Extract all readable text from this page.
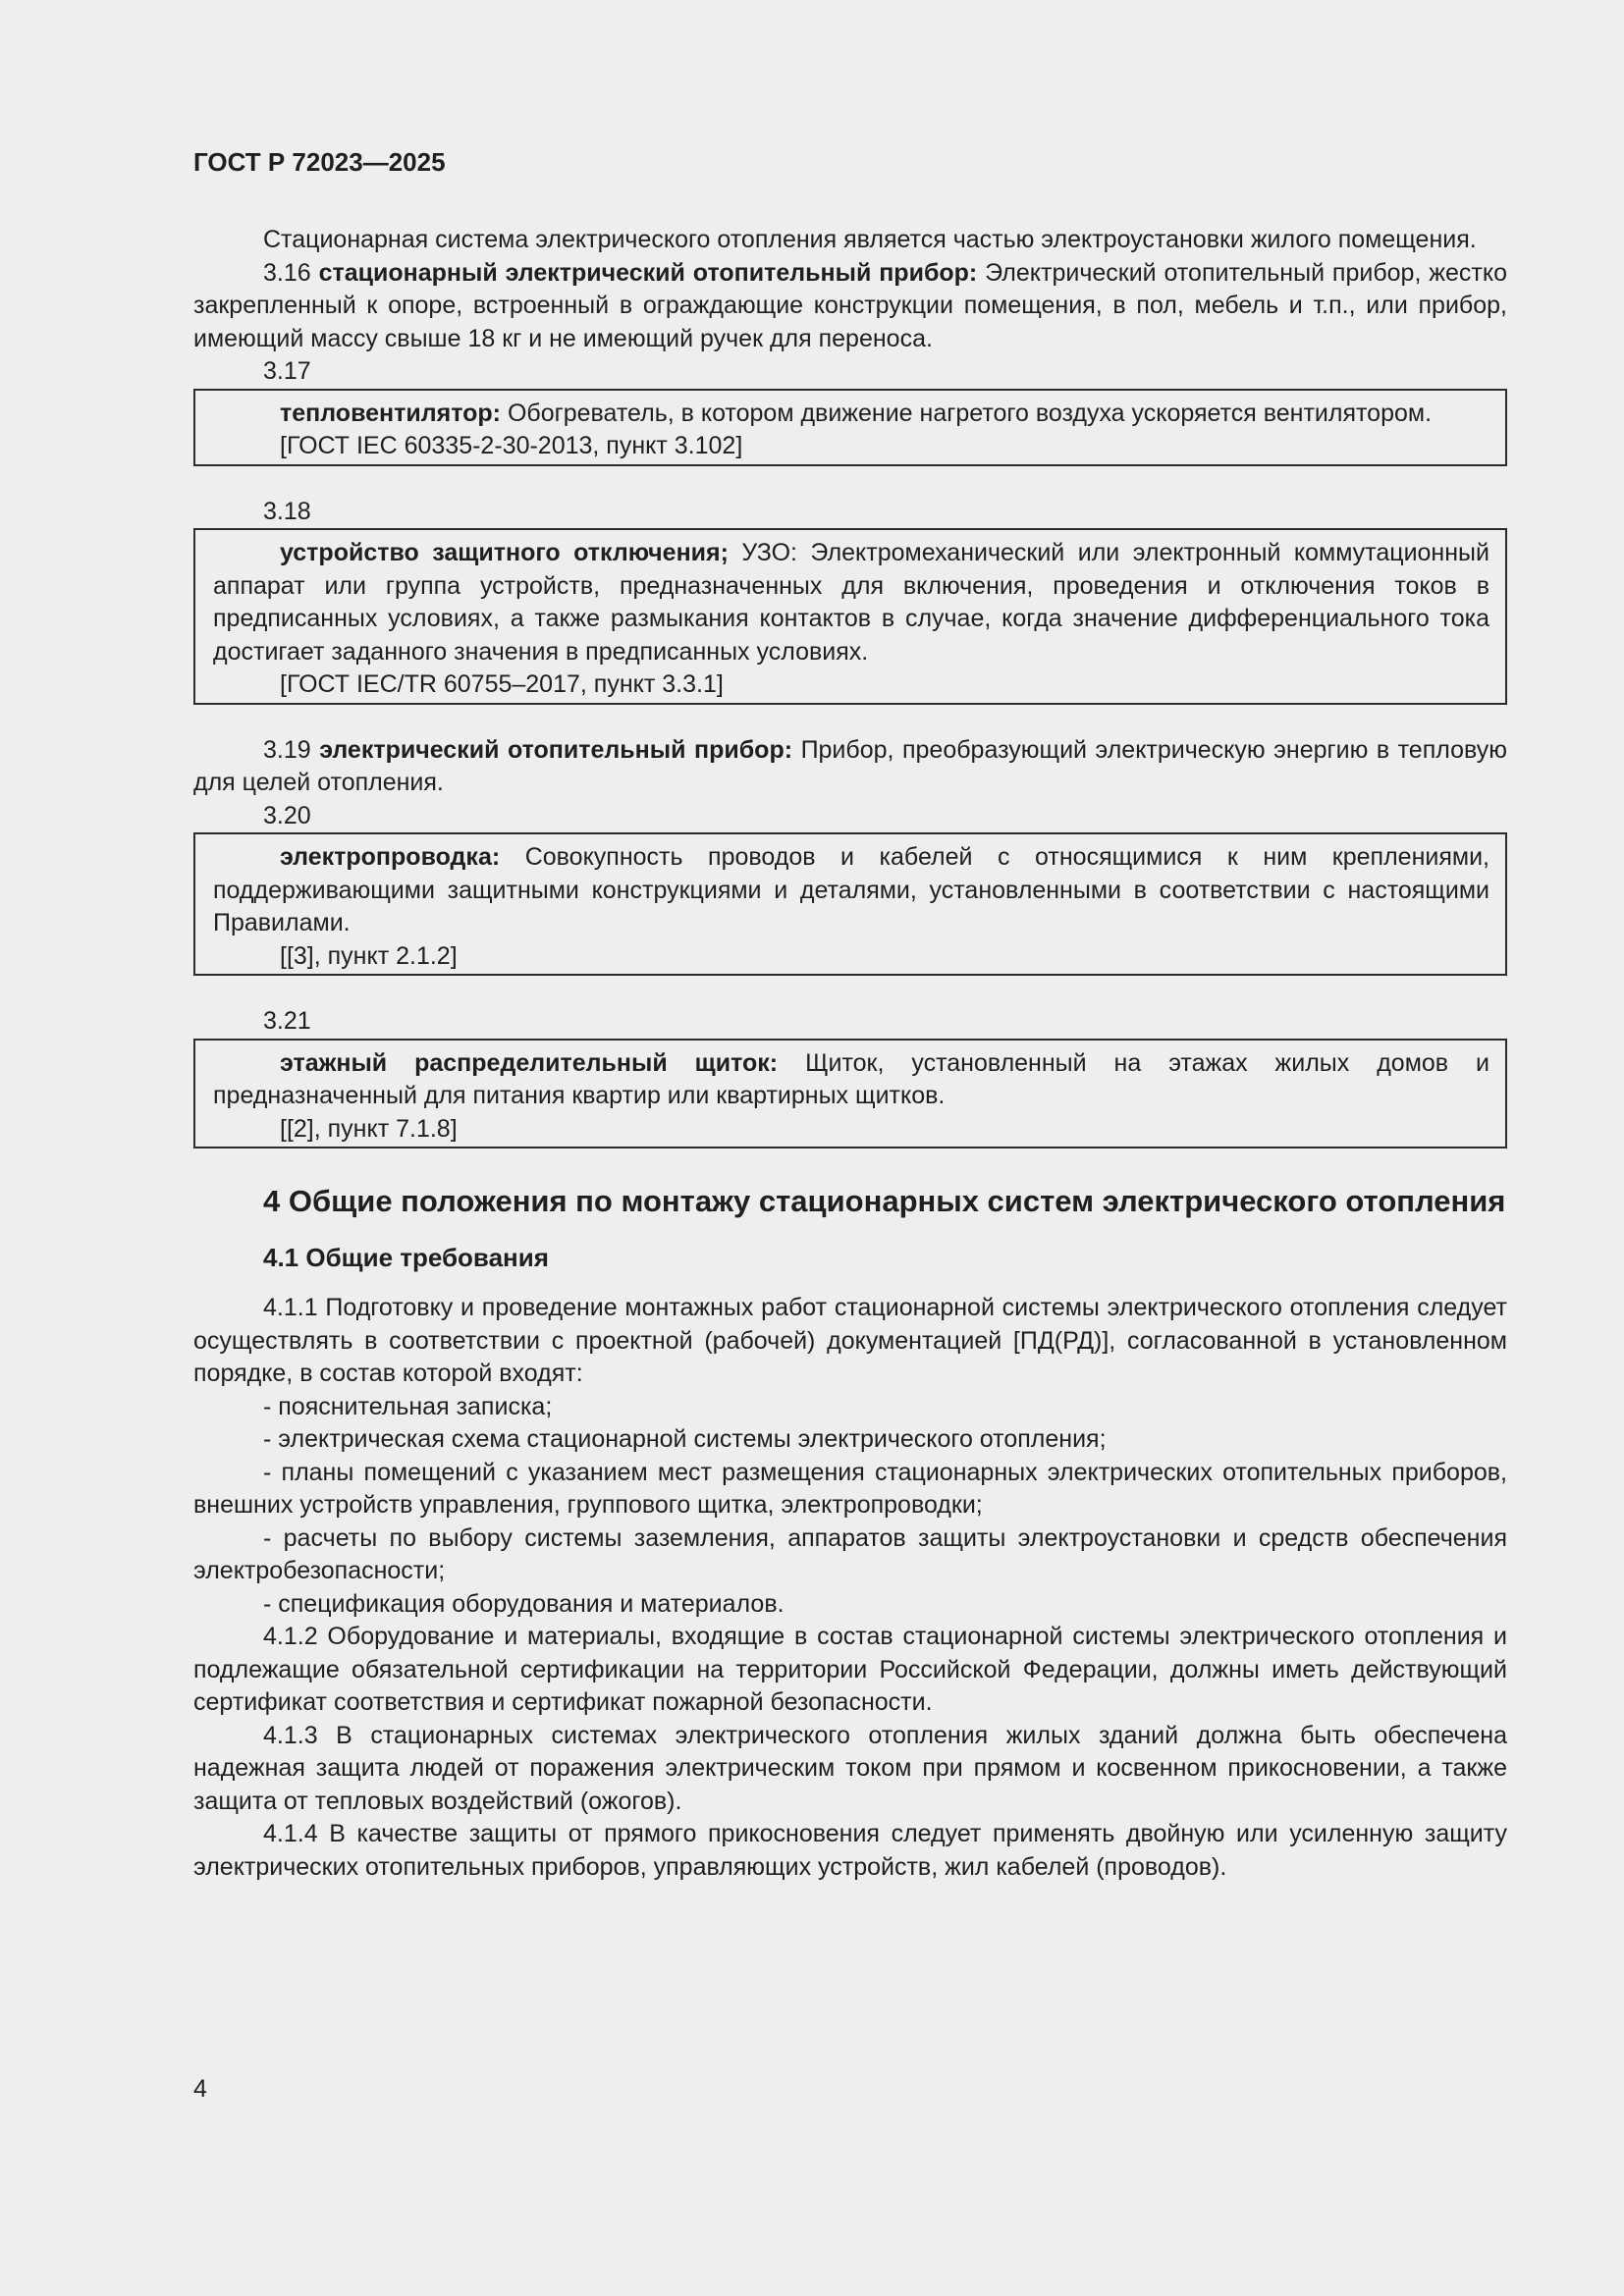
ГОСТ Р 72023—2025

Стационарная система электрического отопления является частью электроустановки жилого помещения.

3.16 стационарный электрический отопительный прибор: Электрический отопительный прибор, жестко закрепленный к опоре, встроенный в ограждающие конструкции помещения, в пол, мебель и т.п., или прибор, имеющий массу свыше 18 кг и не имеющий ручек для переноса.

3.17

тепловентилятор: Обогреватель, в котором движение нагретого воздуха ускоряется вентилятором.

[ГОСТ IEC 60335-2-30-2013, пункт 3.102]

3.18

устройство защитного отключения; УЗО: Электромеханический или электронный коммутационный аппарат или группа устройств, предназначенных для включения, проведения и отключения токов в предписанных условиях, а также размыкания контактов в случае, когда значение дифференциального тока достигает заданного значения в предписанных условиях.

[ГОСТ IEC/TR 60755–2017, пункт 3.3.1]

3.19 электрический отопительный прибор: Прибор, преобразующий электрическую энергию в тепловую для целей отопления.

3.20

электропроводка: Совокупность проводов и кабелей с относящимися к ним креплениями, поддерживающими защитными конструкциями и деталями, установленными в соответствии с настоящими Правилами.

[[3], пункт 2.1.2]

3.21

этажный распределительный щиток: Щиток, установленный на этажах жилых домов и предназначенный для питания квартир или квартирных щитков.

[[2], пункт 7.1.8]

4 Общие положения по монтажу стационарных систем электрического отопления
4.1 Общие требования

4.1.1 Подготовку и проведение монтажных работ стационарной системы электрического отопления следует осуществлять в соответствии с проектной (рабочей) документацией [ПД(РД)], согласованной в установленном порядке, в состав которой входят:

- пояснительная записка;

- электрическая схема стационарной системы электрического отопления;

- планы помещений с указанием мест размещения стационарных электрических отопительных приборов, внешних устройств управления, группового щитка, электропроводки;

- расчеты по выбору системы заземления, аппаратов защиты электроустановки и средств обеспечения электробезопасности;

- спецификация оборудования и материалов.

4.1.2 Оборудование и материалы, входящие в состав стационарной системы электрического отопления и подлежащие обязательной сертификации на территории Российской Федерации, должны иметь действующий сертификат соответствия и сертификат пожарной безопасности.

4.1.3 В стационарных системах электрического отопления жилых зданий должна быть обеспечена надежная защита людей от поражения электрическим током при прямом и косвенном прикосновении, а также защита от тепловых воздействий (ожогов).

4.1.4 В качестве защиты от прямого прикосновения следует применять двойную или усиленную защиту электрических отопительных приборов, управляющих устройств, жил кабелей (проводов).

4
